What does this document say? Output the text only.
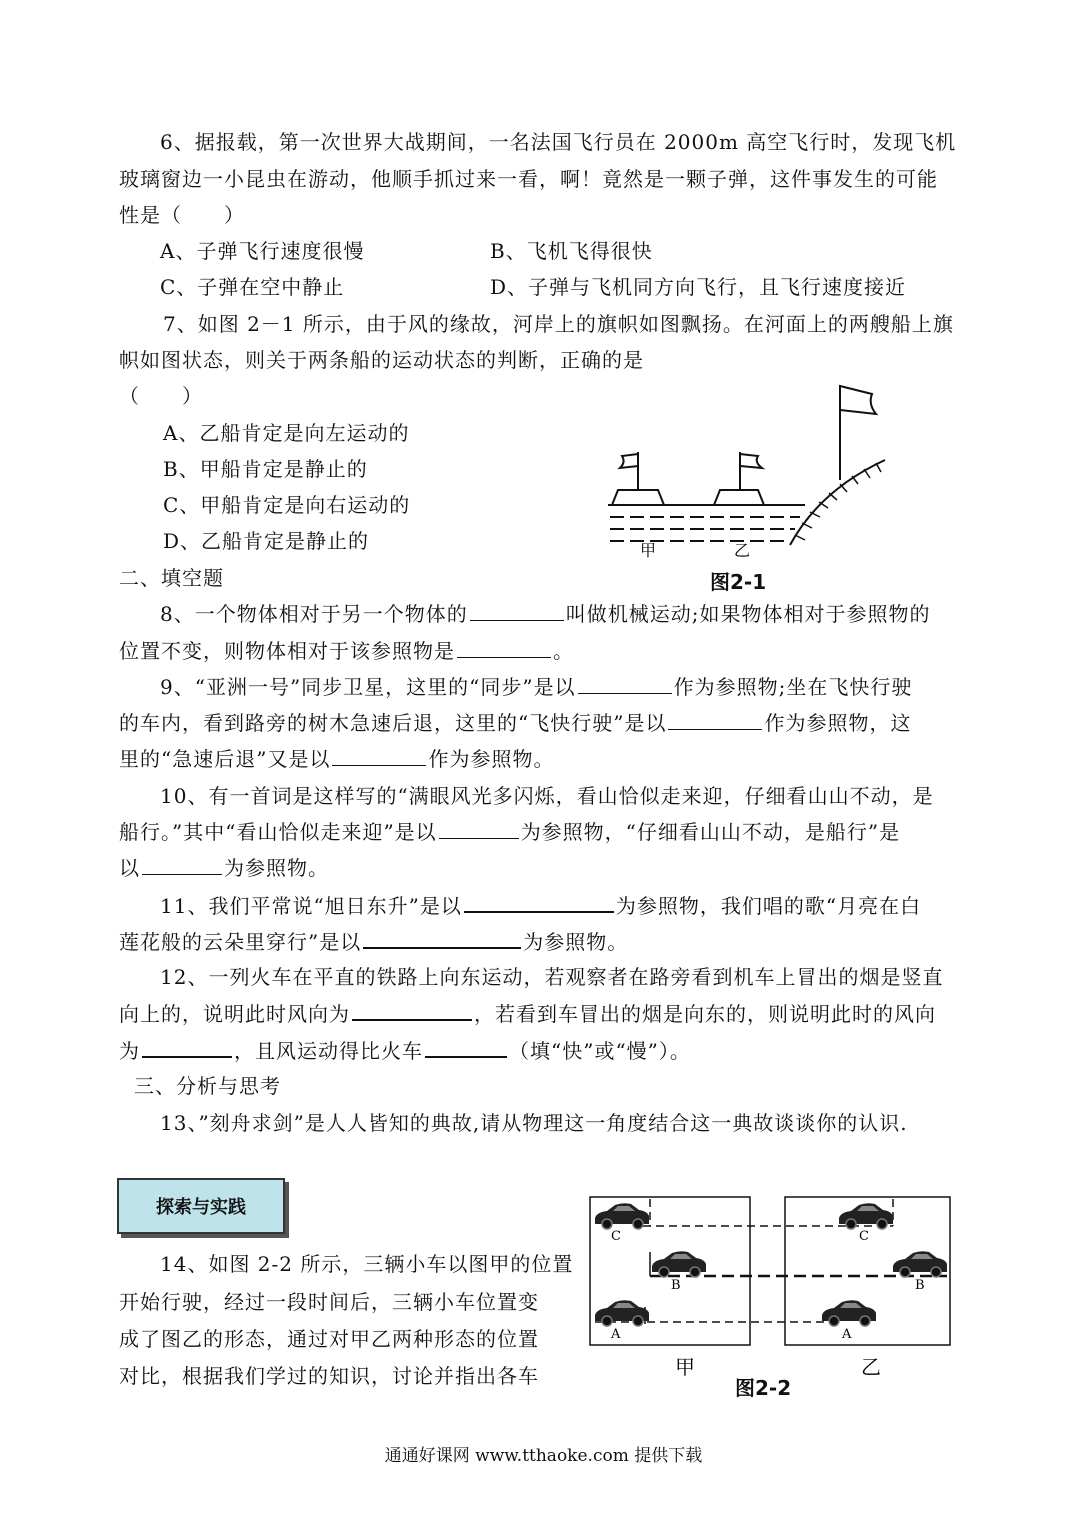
6、据报载，第一次世界大战期间，一名法国飞行员在 2000m 高空飞行时，发现飞机
玻璃窗边一小昆虫在游动，他顺手抓过来一看，啊！竟然是一颗子弹，这件事发生的可能
性是（　　）
A、子弹飞行速度很慢	B、飞机飞得很快
C、子弹在空中静止	D、子弹与飞机同方向飞行，且飞行速度接近
7、如图 2－1 所示，由于风的缘故，河岸上的旗帜如图飘扬。在河面上的两艘船上旗
帜如图状态，则关于两条船的运动状态的判断，正确的是
（　　）
A、乙船肯定是向左运动的
B、甲船肯定是静止的
C、甲船肯定是向右运动的
D、乙船肯定是静止的	甲	乙
图2-1
二、填空题
8、一个物体相对于另一个物体的	叫做机械运动;如果物体相对于参照物的
位置不变，则物体相对于该参照物是	。
9、“亚洲一号”同步卫星，这里的“同步”是以	作为参照物;坐在飞快行驶
的车内，看到路旁的树木急速后退，这里的“飞快行驶”是以	作为参照物，这
里的“急速后退”又是以	作为参照物。
10、有一首词是这样写的“满眼风光多闪烁，看山恰似走来迎，仔细看山山不动，是
船行。”其中“看山恰似走来迎”是以	为参照物，“仔细看山山不动，是船行”是
以	为参照物。
11、我们平常说“旭日东升”是以	为参照物，我们唱的歌“月亮在白
莲花般的云朵里穿行”是以	为参照物。
12、一列火车在平直的铁路上向东运动，若观察者在路旁看到机车上冒出的烟是竖直
向上的，说明此时风向为	，若看到车冒出的烟是向东的，则说明此时的风向
为	，且风运动得比火车	（填“快”或“慢”）。
三、分析与思考
13、”刻舟求剑”是人人皆知的典故,请从物理这一角度结合这一典故谈谈你的认识.
探索与实践
14、如图 2-2 所示，三辆小车以图甲的位置
开始行驶，经过一段时间后，三辆小车位置变
成了图乙的形态，通过对甲乙两种形态的位置
对比，根据我们学过的知识，讨论并指出各车
C
B
A
C
B
A
甲	乙
图2-2
通通好课网 www.tthaoke.com 提供下载
